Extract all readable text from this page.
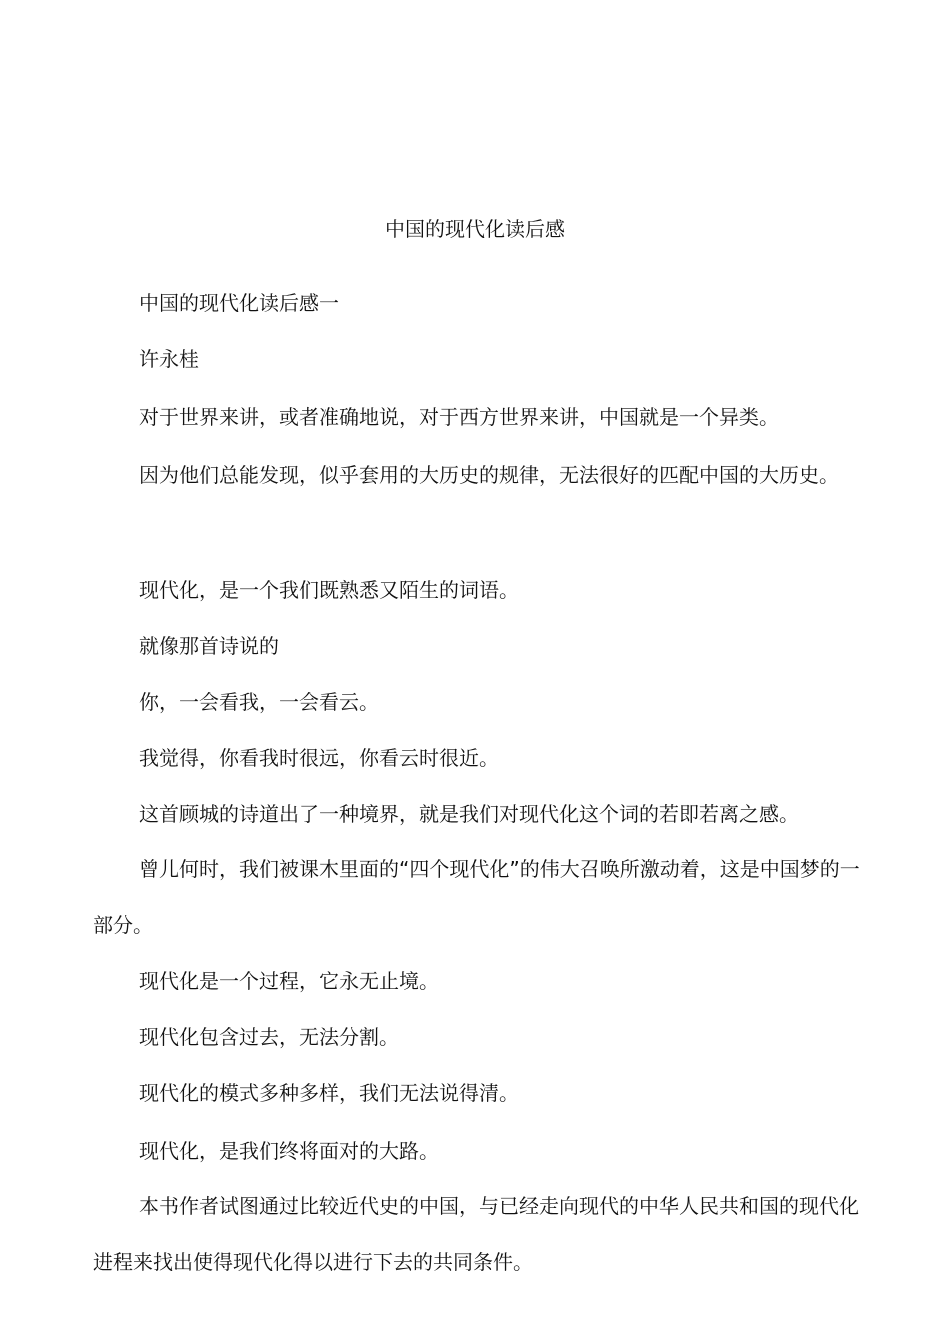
中国的现代化读后感

中国的现代化读后感一

许永桂

对于世界来讲，或者准确地说，对于西方世界来讲，中国就是一个异类。

因为他们总能发现，似乎套用的大历史的规律，无法很好的匹配中国的大历史。

现代化，是一个我们既熟悉又陌生的词语。

就像那首诗说的

你，一会看我，一会看云。

我觉得，你看我时很远，你看云时很近。

这首顾城的诗道出了一种境界，就是我们对现代化这个词的若即若离之感。

曾儿何时，我们被课木里面的“四个现代化”的伟大召唤所激动着，这是中国梦的一部分。

现代化是一个过程，它永无止境。

现代化包含过去，无法分割。

现代化的模式多种多样，我们无法说得清。

现代化，是我们终将面对的大路。

本书作者试图通过比较近代史的中国，与已经走向现代的中华人民共和国的现代化进程来找出使得现代化得以进行下去的共同条件。
